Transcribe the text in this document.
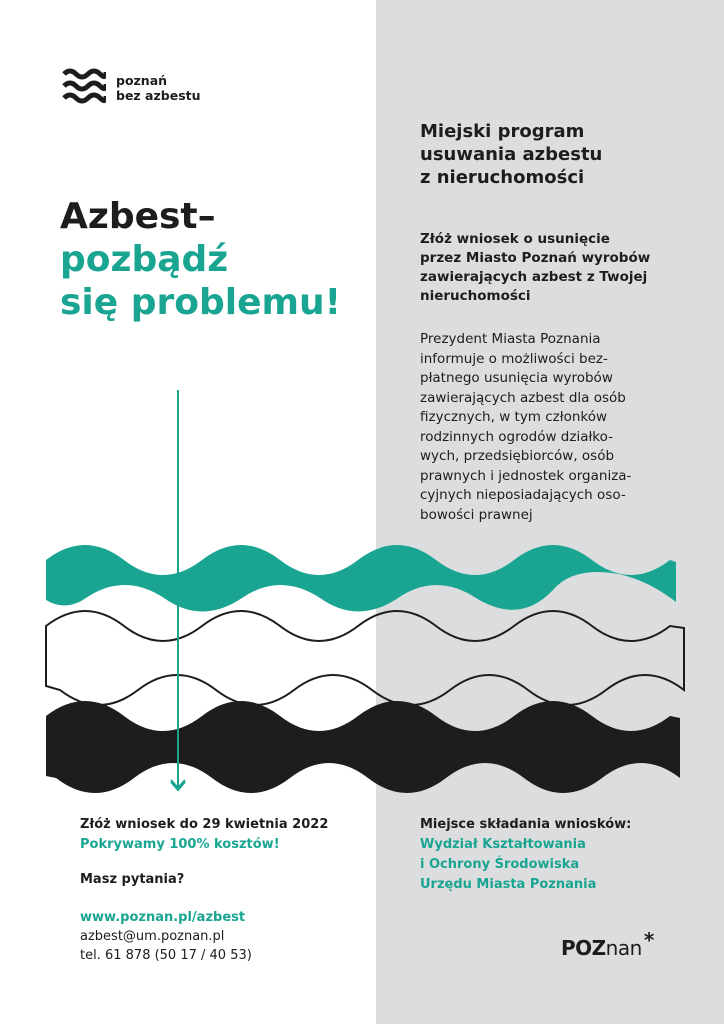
poznań
bez azbestu
Azbest–
pozbądź
się problemu!
Miejski program
usuwania azbestu
z nieruchomości
Złóż wniosek o usunięcie
przez Miasto Poznań wyrobów
zawierających azbest z Twojej
nieruchomości
Prezydent Miasta Poznania
informuje o możliwości bez-
płatnego usunięcia wyrobów
zawierających azbest dla osób
fizycznych, w tym członków
rodzinnych ogrodów działko-
wych, przedsiębiorców, osób
prawnych i jednostek organiza-
cyjnych nieposiadających oso-
bowości prawnej
Złóż wniosek do 29 kwietnia 2022
Pokrywamy 100% kosztów!
Masz pytania?
www.poznan.pl/azbest
azbest@um.poznan.pl
tel. 61 878 (50 17 / 40 53)
Miejsce składania wniosków:
Wydział Kształtowania
i Ochrony Środowiska
Urzędu Miasta Poznania
POZnan *
